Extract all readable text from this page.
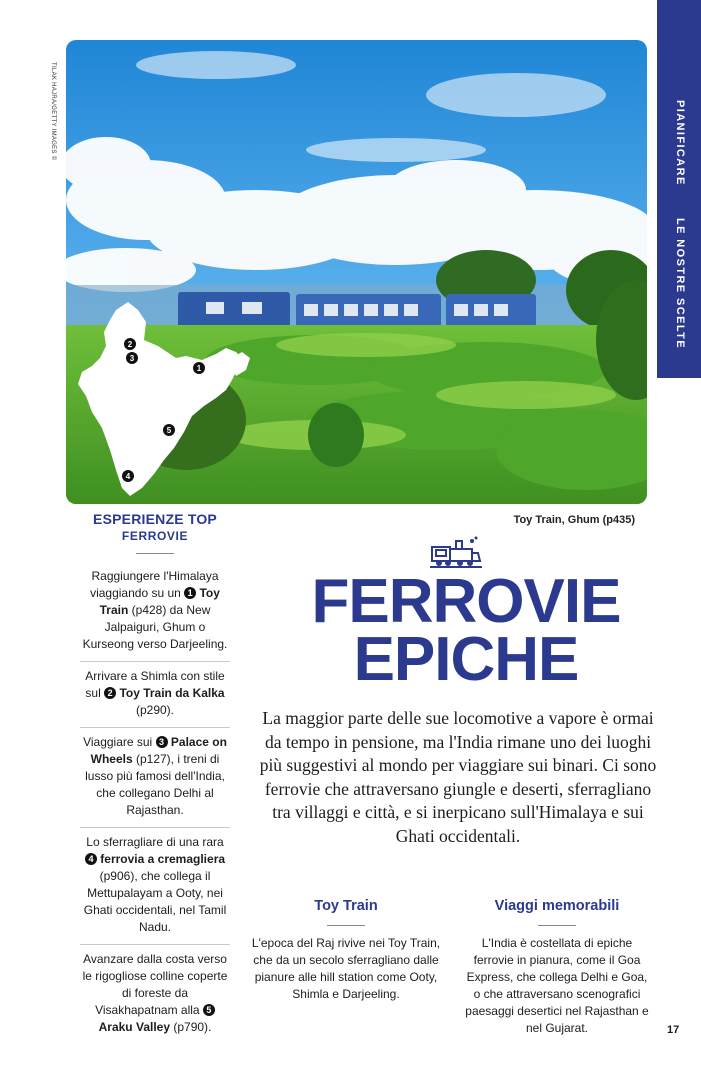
TILAK HAJRA/GETTY IMAGES ©
2
3
1
4
5
PIANIFICARE
LE NOSTRE SCELTE
Toy Train, Ghum (p435)
ESPERIENZE TOP
FERROVIE
Raggiungere l'Himalaya viaggiando su un 1 Toy Train (p428) da New Jalpaiguri, Ghum o Kurseong verso Darjeeling.
Arrivare a Shimla con stile sul 2 Toy Train da Kalka (p290).
Viaggiare sui 3 Palace on Wheels (p127), i treni di lusso più famosi dell'India, che collegano Delhi al Rajasthan.
Lo sferragliare di una rara 4 ferrovia a cremagliera (p906), che collega il Mettupalayam a Ooty, nei Ghati occidentali, nel Tamil Nadu.
Avanzare dalla costa verso le rigogliose colline coperte di foreste da Visakhapatnam alla 5 Araku Valley (p790).
FERROVIE
EPICHE
La maggior parte delle sue locomotive a vapore è ormai da tempo in pensione, ma l'India rimane uno dei luoghi più suggestivi al mondo per viaggiare sui binari. Ci sono ferrovie che attraversano giungle e deserti, sferragliano tra villaggi e città, e si inerpicano sull'Himalaya e sui Ghati occidentali.
Toy Train

L'epoca del Raj rivive nei Toy Train, che da un secolo sferragliano dalle pianure alle hill station come Ooty, Shimla e Darjeeling.

Viaggi memorabili

L'India è costellata di epiche ferrovie in pianura, come il Goa Express, che collega Delhi e Goa, o che attraversano scenografici paesaggi desertici nel Rajasthan e nel Gujarat.	17
